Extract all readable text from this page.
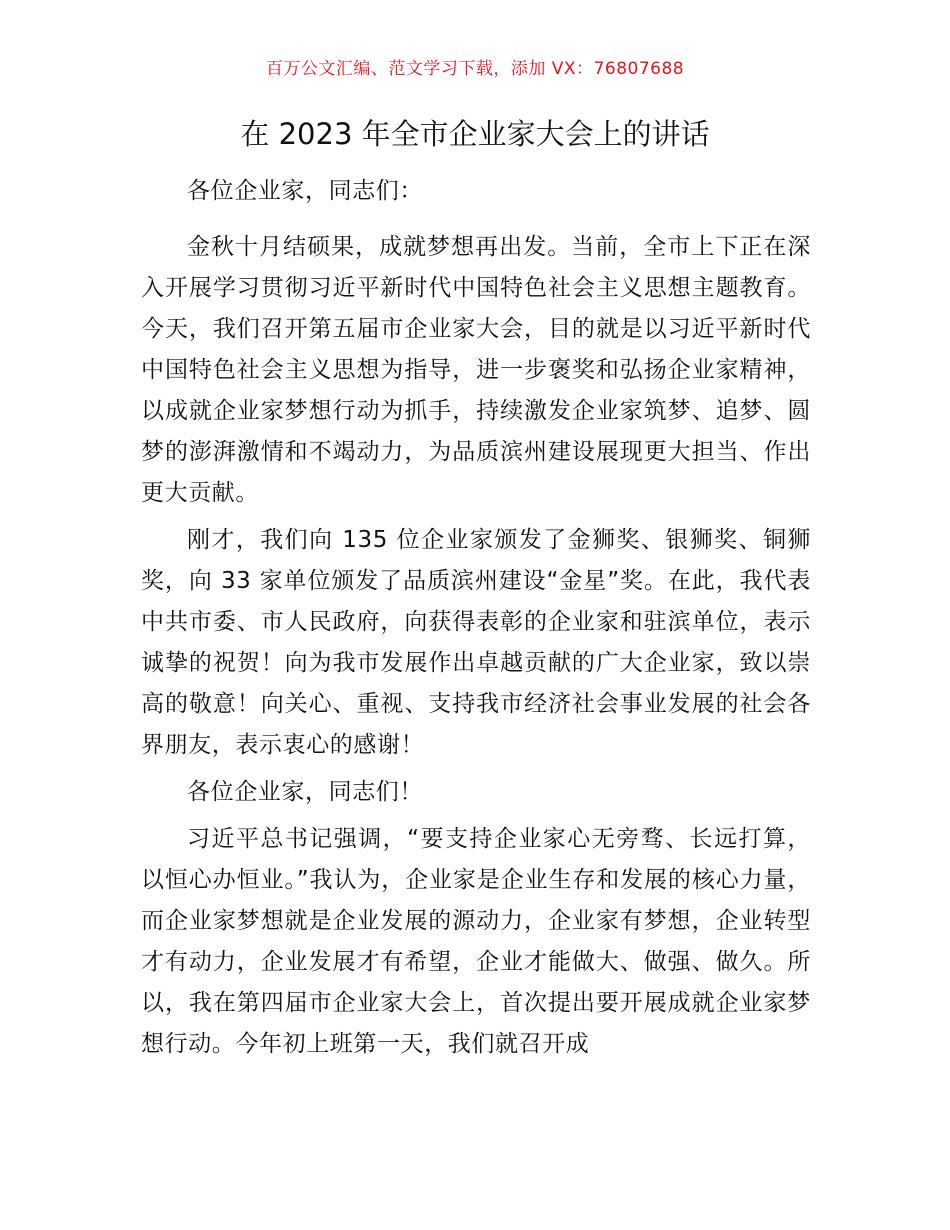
百万公文汇编、范文学习下载，添加 VX：76807688
在 2023 年全市企业家大会上的讲话

各位企业家，同志们：

金秋十月结硕果，成就梦想再出发。当前，全市上下正在深入开展学习贯彻习近平新时代中国特色社会主义思想主题教育。今天，我们召开第五届市企业家大会，目的就是以习近平新时代中国特色社会主义思想为指导，进一步褒奖和弘扬企业家精神，以成就企业家梦想行动为抓手，持续激发企业家筑梦、追梦、圆梦的澎湃激情和不竭动力，为品质滨州建设展现更大担当、作出更大贡献。

刚才，我们向 135 位企业家颁发了金狮奖、银狮奖、铜狮奖，向 33 家单位颁发了品质滨州建设“金星”奖。在此，我代表中共市委、市人民政府，向获得表彰的企业家和驻滨单位，表示诚挚的祝贺！向为我市发展作出卓越贡献的广大企业家，致以崇高的敬意！向关心、重视、支持我市经济社会事业发展的社会各界朋友，表示衷心的感谢！

各位企业家，同志们！

习近平总书记强调，“要支持企业家心无旁骛、长远打算，以恒心办恒业。”我认为，企业家是企业生存和发展的核心力量，而企业家梦想就是企业发展的源动力，企业家有梦想，企业转型才有动力，企业发展才有希望，企业才能做大、做强、做久。所以，我在第四届市企业家大会上，首次提出要开展成就企业家梦想行动。今年初上班第一天，我们就召开成
